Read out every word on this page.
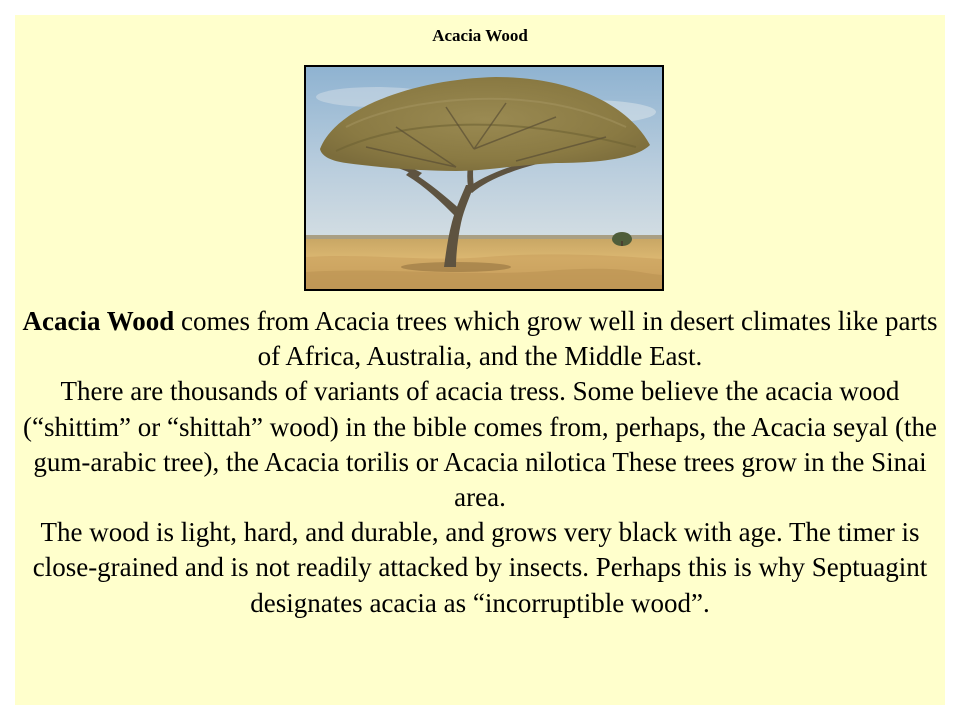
Acacia Wood

Acacia Wood comes from Acacia trees which grow well in desert climates like parts of Africa, Australia, and the Middle East.

There are thousands of variants of acacia tress. Some believe the acacia wood (“shittim” or “shittah” wood) in the bible comes from, perhaps, the Acacia seyal (the gum-arabic tree), the Acacia torilis or Acacia nilotica These trees grow in the Sinai area.

The wood is light, hard, and durable, and grows very black with age. The timer is close-grained and is not readily attacked by insects. Perhaps this is why Septuagint designates acacia as “incorruptible wood”.
